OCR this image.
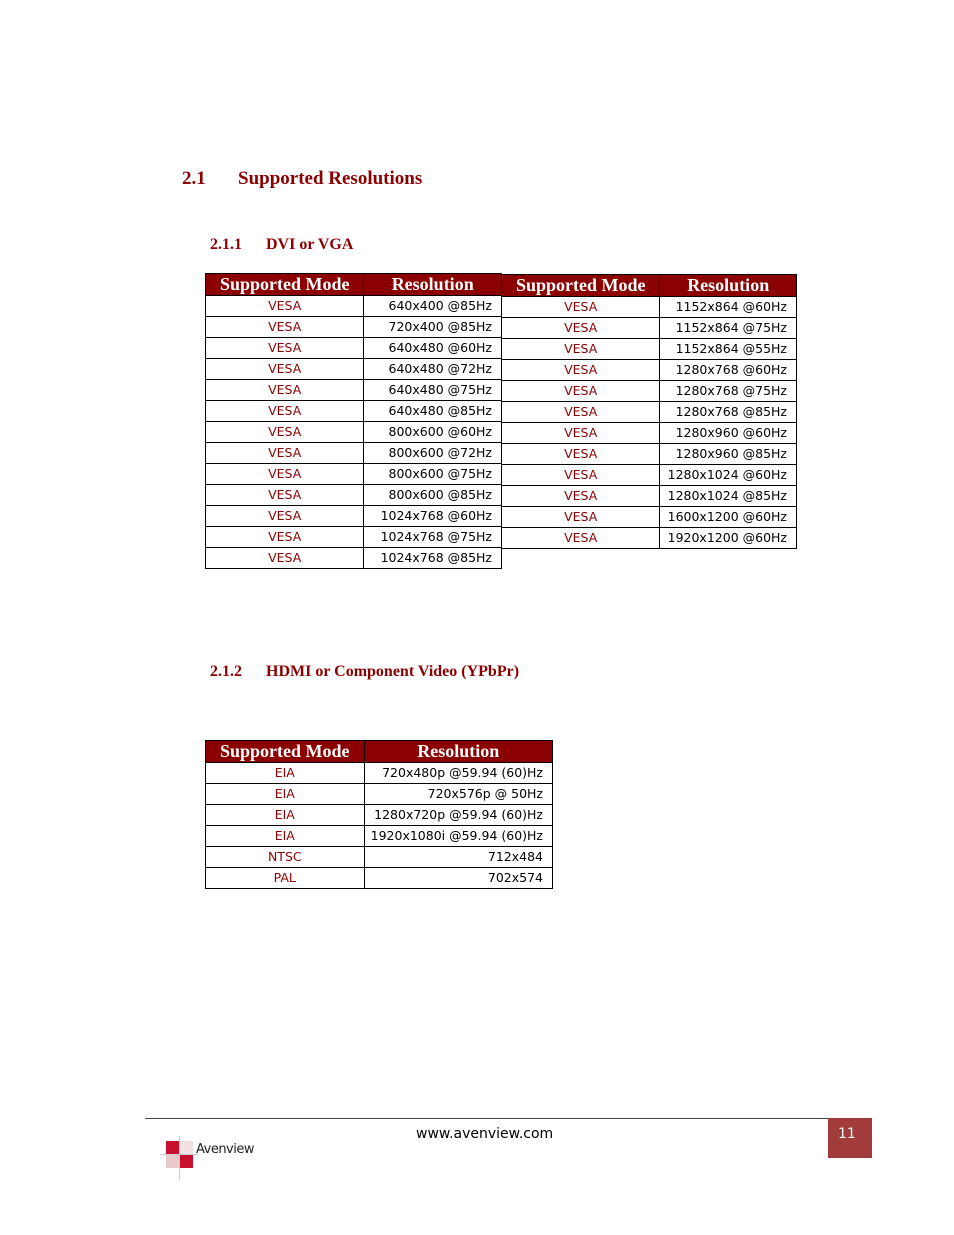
2.1 Supported Resolutions
2.1.1 DVI or VGA
Supported Mode	Resolution
VESA	640x400 @85Hz
VESA	720x400 @85Hz
VESA	640x480 @60Hz
VESA	640x480 @72Hz
VESA	640x480 @75Hz
VESA	640x480 @85Hz
VESA	800x600 @60Hz
VESA	800x600 @72Hz
VESA	800x600 @75Hz
VESA	800x600 @85Hz
VESA	1024x768 @60Hz
VESA	1024x768 @75Hz
VESA	1024x768 @85Hz
Supported Mode	Resolution
VESA	1152x864 @60Hz
VESA	1152x864 @75Hz
VESA	1152x864 @55Hz
VESA	1280x768 @60Hz
VESA	1280x768 @75Hz
VESA	1280x768 @85Hz
VESA	1280x960 @60Hz
VESA	1280x960 @85Hz
VESA	1280x1024 @60Hz
VESA	1280x1024 @85Hz
VESA	1600x1200 @60Hz
VESA	1920x1200 @60Hz
2.1.2 HDMI or Component Video (YPbPr)
Supported Mode	Resolution
EIA	720x480p @59.94 (60)Hz
EIA	720x576p @ 50Hz
EIA	1280x720p @59.94 (60)Hz
EIA	1920x1080i @59.94 (60)Hz
NTSC	712x484
PAL	702x574
www.avenview.com	11
Avenview
